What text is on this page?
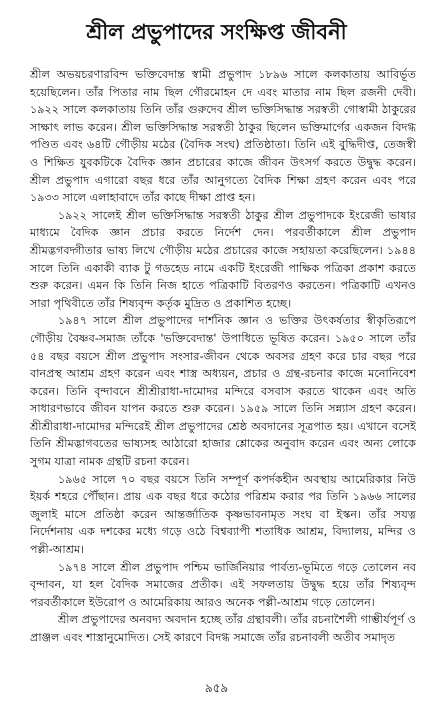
শ্রীল প্রভুপাদের সংক্ষিপ্ত জীবনী

শ্রীল অভয়চরণারবিন্দ ভক্তিবেদান্ত স্বামী প্রভুপাদ ১৮৯৬ সালে কলকাতায় আবির্ভূত হয়েছিলেন। তাঁর পিতার নাম ছিল গৌরমোহন দে এবং মাতার নাম ছিল রজনী দেবী। ১৯২২ সালে কলকাতায় তিনি তাঁর গুরুদেব শ্রীল ভক্তিসিদ্ধান্ত সরস্বতী গোস্বামী ঠাকুরের সাক্ষাৎ লাভ করেন। শ্রীল ভক্তিসিদ্ধান্ত সরস্বতী ঠাকুর ছিলেন ভক্তিমার্গের একজন বিদগ্ধ পণ্ডিত এবং ৬৪টি গৌড়ীয় মঠের (বৈদিক সংঘ) প্রতিষ্ঠাতা। তিনি এই বুদ্ধিদীপ্ত, তেজস্বী ও শিক্ষিত যুবকটিকে বৈদিক জ্ঞান প্রচারের কাজে জীবন উৎসর্গ করতে উদ্বুদ্ধ করেন। শ্রীল প্রভুপাদ এগারো বছর ধরে তাঁর আনুগত্যে বৈদিক শিক্ষা গ্রহণ করেন এবং পরে ১৯৩৩ সালে এলাহাবাদে তাঁর কাছে দীক্ষা প্রাপ্ত হন।

১৯২২ সালেই শ্রীল ভক্তিসিদ্ধান্ত সরস্বতী ঠাকুর শ্রীল প্রভুপাদকে ইংরেজী ভাষার মাধ্যমে বৈদিক জ্ঞান প্রচার করতে নির্দেশ দেন। পরবর্তীকালে শ্রীল প্রভুপাদ শ্রীমদ্ভগবদ্গীতার ভাষ্য লিখে গৌড়ীয় মঠের প্রচারের কাজে সহায়তা করেছিলেন। ১৯৪৪ সালে তিনি একাকী ব্যাক টু গডহেড নামে একটি ইংরেজী পাক্ষিক পত্রিকা প্রকাশ করতে শুরু করেন। এমন কি তিনি নিজ হাতে পত্রিকাটি বিতরণও করতেন। পত্রিকাটি এখনও সারা পৃথিবীতে তাঁর শিষ্যবৃন্দ কর্তৃক মুদ্রিত ও প্রকাশিত হচ্ছে।

১৯৪৭ সালে শ্রীল প্রভুপাদের দার্শনিক জ্ঞান ও ভক্তির উৎকর্ষতার স্বীকৃতিরূপে গৌড়ীয় বৈষ্ণব-সমাজ তাঁকে 'ভক্তিবেদান্ত' উপাধিতে ভূষিত করেন। ১৯৫০ সালে তাঁর ৫৪ বছর বয়সে শ্রীল প্রভুপাদ সংসার-জীবন থেকে অবসর গ্রহণ করে চার বছর পরে বানপ্রস্থ আশ্রম গ্রহণ করেন এবং শাস্ত্র অধ্যয়ন, প্রচার ও গ্রন্থ-রচনার কাজে মনোনিবেশ করেন। তিনি বৃন্দাবনে শ্রীশ্রীরাধা-দামোদর মন্দিরে বসবাস করতে থাকেন এবং অতি সাধারণভাবে জীবন যাপন করতে শুরু করেন। ১৯৫৯ সালে তিনি সন্ন্যাস গ্রহণ করেন। শ্রীশ্রীরাধা-দামোদর মন্দিরেই শ্রীল প্রভুপাদের শ্রেষ্ঠ অবদানের সূত্রপাত হয়। এখানে বসেই তিনি শ্রীমদ্ভাগবতের ভাষ্যসহ আঠারো হাজার শ্লোকের অনুবাদ করেন এবং অন্য লোকে সুগম যাত্রা নামক গ্রন্থটি রচনা করেন।

১৯৬৫ সালে ৭০ বছর বয়সে তিনি সম্পূর্ণ কপর্দকহীন অবস্থায় আমেরিকার নিউ ইয়র্ক শহরে পৌঁছান। প্রায় এক বছর ধরে কঠোর পরিশ্রম করার পর তিনি ১৯৬৬ সালের জুলাই মাসে প্রতিষ্ঠা করেন আন্তর্জাতিক কৃষ্ণভাবনামৃত সংঘ বা ইস্কন। তাঁর সযত্ন নির্দেশনায় এক দশকের মধ্যে গড়ে ওঠে বিশ্বব্যাপী শতাধিক আশ্রম, বিদ্যালয়, মন্দির ও পল্লী-আশ্রম।

১৯৭৪ সালে শ্রীল প্রভুপাদ পশ্চিম ভার্জিনিয়ার পার্বত্য-ভূমিতে গড়ে তোলেন নব বৃন্দাবন, যা হল বৈদিক সমাজের প্রতীক। এই সফলতায় উদ্বুদ্ধ হয়ে তাঁর শিষ্যবৃন্দ পরবর্তীকালে ইউরোপ ও আমেরিকায় আরও অনেক পল্লী-আশ্রম গড়ে তোলেন।

শ্রীল প্রভুপাদের অনবদ্য অবদান হচ্ছে তাঁর গ্রন্থাবলী। তাঁর রচনাশৈলী গাম্ভীর্যপূর্ণ ও প্রাঞ্জল এবং শাস্ত্রানুমোদিত। সেই কারণে বিদগ্ধ সমাজে তাঁর রচনাবলী অতীব সমাদৃত

৯৫৯
